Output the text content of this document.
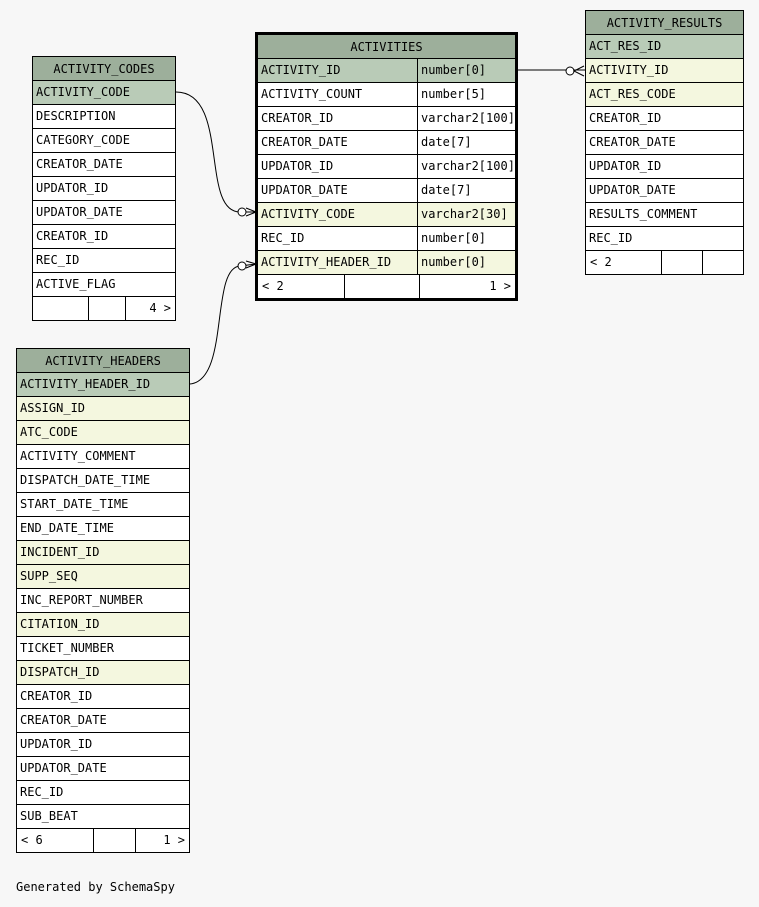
ACTIVITY_CODES
ACTIVITY_CODE
DESCRIPTION
CATEGORY_CODE
CREATOR_DATE
UPDATOR_ID
UPDATOR_DATE
CREATOR_ID
REC_ID
ACTIVE_FLAG
4 >
ACTIVITIES
ACTIVITY_ID	number[0]
ACTIVITY_COUNT	number[5]
CREATOR_ID	varchar2[100]
CREATOR_DATE	date[7]
UPDATOR_ID	varchar2[100]
UPDATOR_DATE	date[7]
ACTIVITY_CODE	varchar2[30]
REC_ID	number[0]
ACTIVITY_HEADER_ID	number[0]
< 2	1 >
ACTIVITY_RESULTS
ACT_RES_ID
ACTIVITY_ID
ACT_RES_CODE
CREATOR_ID
CREATOR_DATE
UPDATOR_ID
UPDATOR_DATE
RESULTS_COMMENT
REC_ID
< 2
ACTIVITY_HEADERS
ACTIVITY_HEADER_ID
ASSIGN_ID
ATC_CODE
ACTIVITY_COMMENT
DISPATCH_DATE_TIME
START_DATE_TIME
END_DATE_TIME
INCIDENT_ID
SUPP_SEQ
INC_REPORT_NUMBER
CITATION_ID
TICKET_NUMBER
DISPATCH_ID
CREATOR_ID
CREATOR_DATE
UPDATOR_ID
UPDATOR_DATE
REC_ID
SUB_BEAT
< 6	1 >
Generated by SchemaSpy
